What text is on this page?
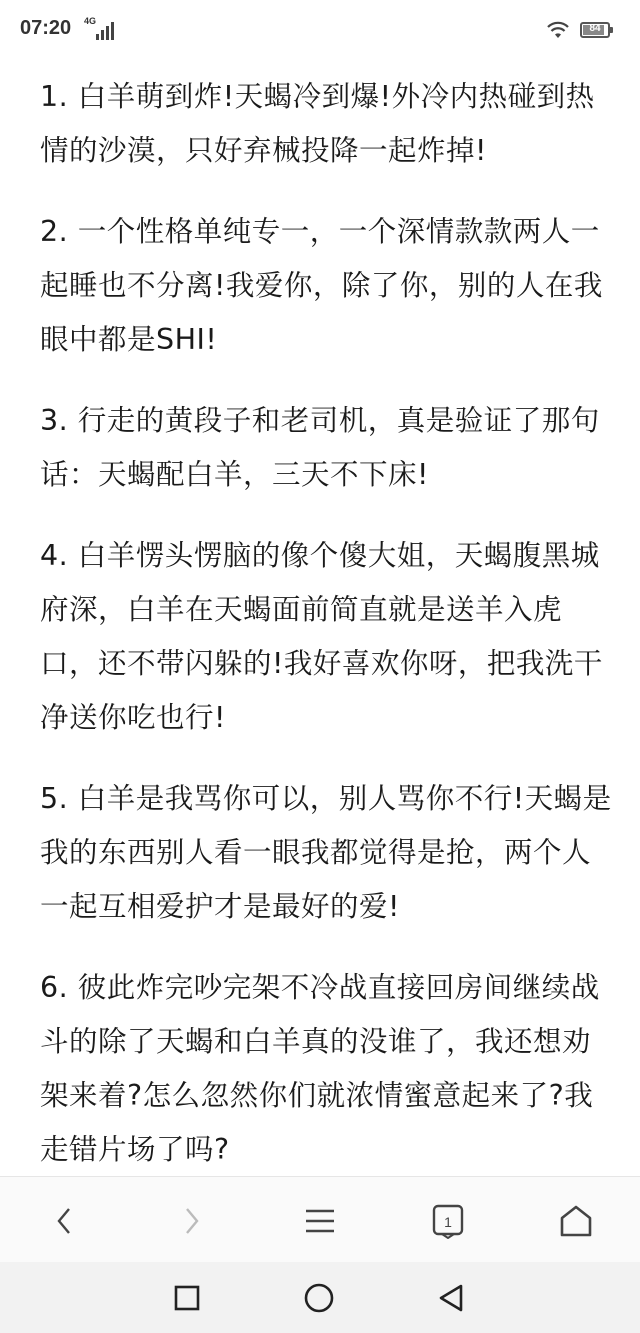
07:20 4G
84

1. 白羊萌到炸!天蝎冷到爆!外冷内热碰到热情的沙漠，只好弃械投降一起炸掉!

2. 一个性格单纯专一，一个深情款款两人一起睡也不分离!我爱你，除了你，别的人在我眼中都是SHI!

3. 行走的黄段子和老司机，真是验证了那句话：天蝎配白羊，三天不下床!

4. 白羊愣头愣脑的像个傻大姐，天蝎腹黑城府深，白羊在天蝎面前简直就是送羊入虎口，还不带闪躲的!我好喜欢你呀，把我洗干净送你吃也行!

5. 白羊是我骂你可以，别人骂你不行!天蝎是我的东西别人看一眼我都觉得是抢，两个人一起互相爱护才是最好的爱!

6. 彼此炸完吵完架不冷战直接回房间继续战斗的除了天蝎和白羊真的没谁了，我还想劝架来着?怎么忽然你们就浓情蜜意起来了?我走错片场了吗?

1
